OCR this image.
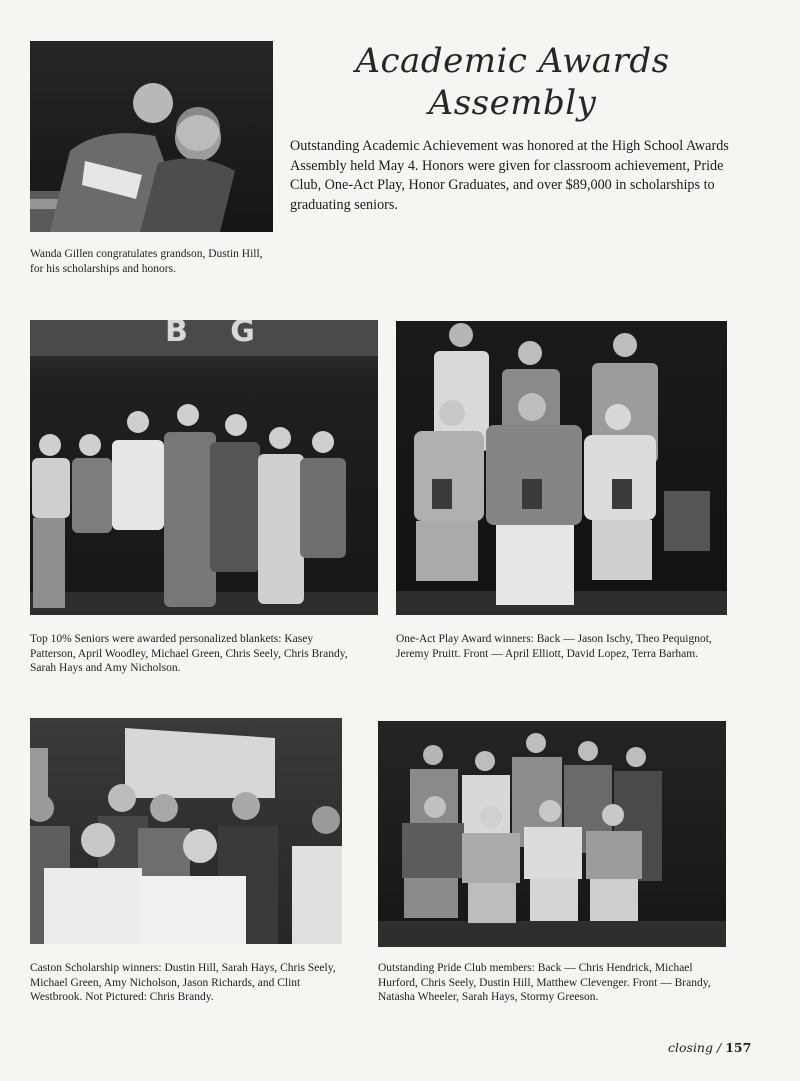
Academic Awards
Assembly
Outstanding Academic Achievement was honored at the High School Awards Assembly held May 4. Honors were given for classroom achievement, Pride Club, One-Act Play, Honor Graduates, and over $89,000 in scholarships to graduating seniors.
Wanda Gillen congratulates grandson, Dustin Hill, for his scholarships and honors.
B G
Top 10% Seniors were awarded personalized blankets: Kasey Patterson, April Woodley, Michael Green, Chris Seely, Chris Brandy, Sarah Hays and Amy Nicholson.
One-Act Play Award winners: Back — Jason Ischy, Theo Pequignot, Jeremy Pruitt. Front — April Elliott, David Lopez, Terra Barham.
Caston Scholarship winners: Dustin Hill, Sarah Hays, Chris Seely, Michael Green, Amy Nicholson, Jason Richards, and Clint Westbrook. Not Pictured: Chris Brandy.
Outstanding Pride Club members: Back — Chris Hendrick, Michael Hurford, Chris Seely, Dustin Hill, Matthew Clevenger. Front — Brandy, Natasha Wheeler, Sarah Hays, Stormy Greeson.
closing / 157
